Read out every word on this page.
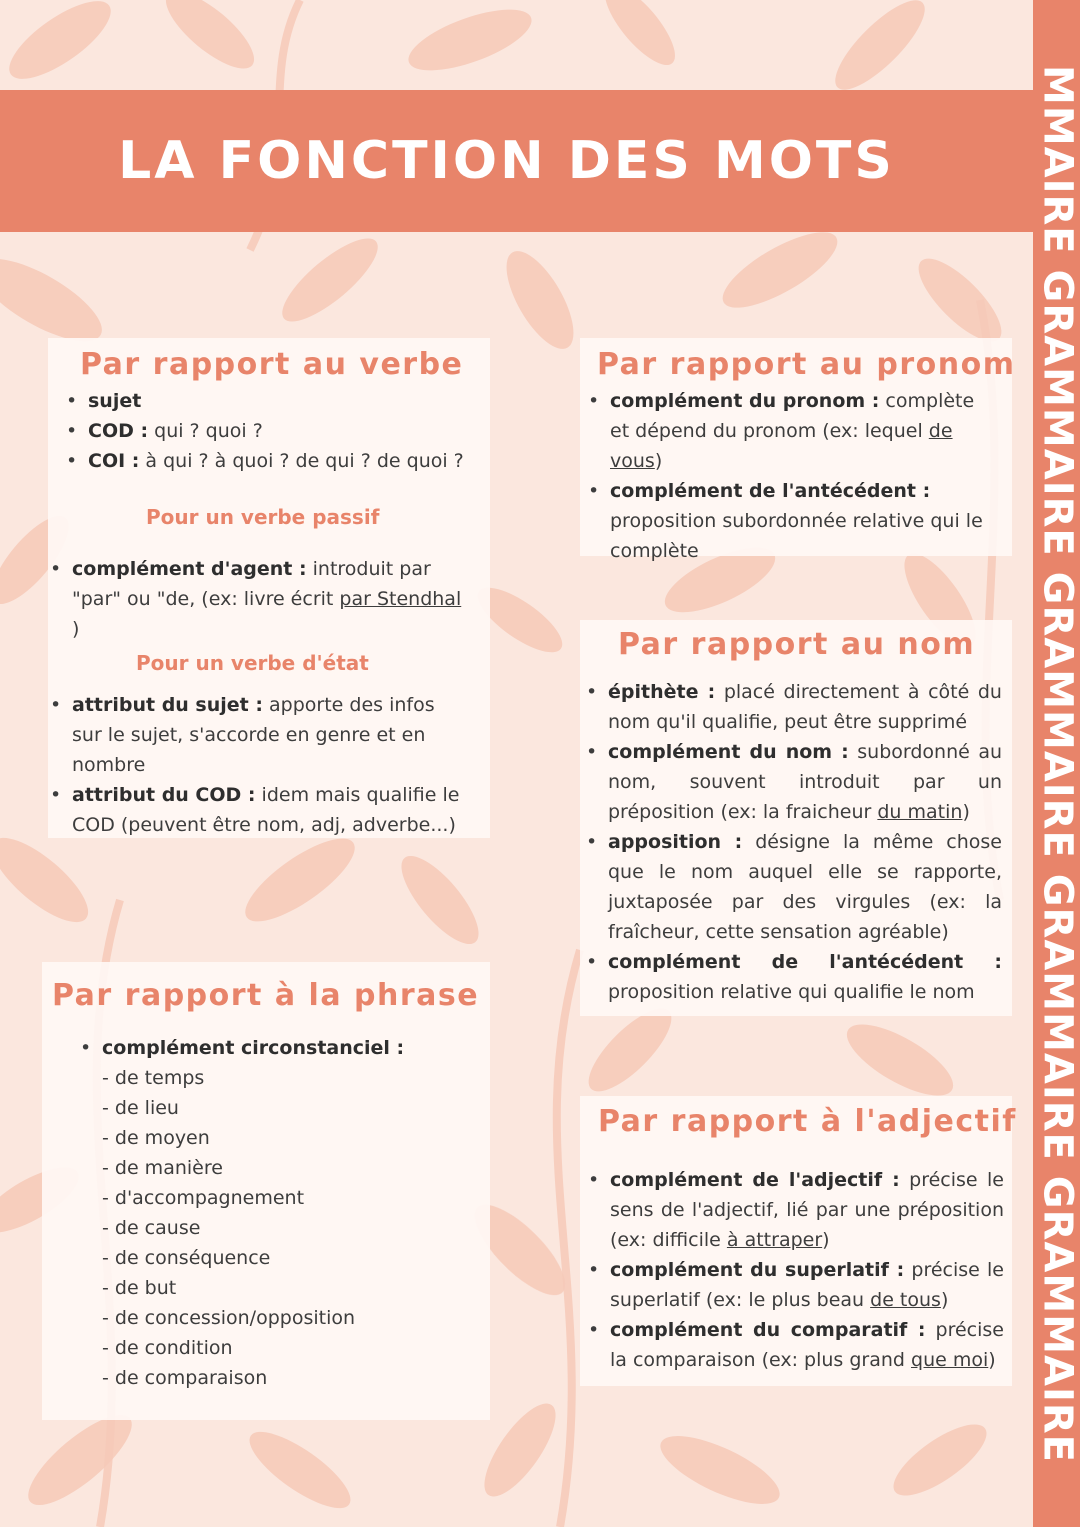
LA FONCTION DES MOTS	MMAIRE GRAMMAIRE GRAMMAIRE GRAMMAIRE GRAMMAIRE
Par rapport au verbe
• sujet
• COD : qui ? quoi ?
• COI : à qui ? à quoi ? de qui ? de quoi ?
Pour un verbe passif
• complément d'agent : introduit par "par" ou "de, (ex: livre écrit par Stendhal )
Pour un verbe d'état
• attribut du sujet : apporte des infos sur le sujet, s'accorde en genre et en nombre
• attribut du COD : idem mais qualifie le COD (peuvent être nom, adj, adverbe...)
Par rapport à la phrase
• complément circonstanciel :
- de temps
- de lieu
- de moyen
- de manière
- d'accompagnement
- de cause
- de conséquence
- de but
- de concession/opposition
- de condition
- de comparaison
Par rapport au pronom
• complément du pronom : complète et dépend du pronom (ex: lequel de vous)
• complément de l'antécédent : proposition subordonnée relative qui le complète
Par rapport au nom
• épithète : placé directement à côté du nom qu'il qualifie, peut être supprimé
• complément du nom : subordonné au nom, souvent introduit par un préposition (ex: la fraicheur du matin)
• apposition : désigne la même chose que le nom auquel elle se rapporte, juxtaposée par des virgules (ex: la fraîcheur, cette sensation agréable)
• complément de l'antécédent : proposition relative qui qualifie le nom
Par rapport à l'adjectif
• complément de l'adjectif : précise le sens de l'adjectif, lié par une préposition (ex: difficile à attraper)
• complément du superlatif : précise le superlatif (ex: le plus beau de tous)
• complément du comparatif : précise la comparaison (ex: plus grand que moi)
